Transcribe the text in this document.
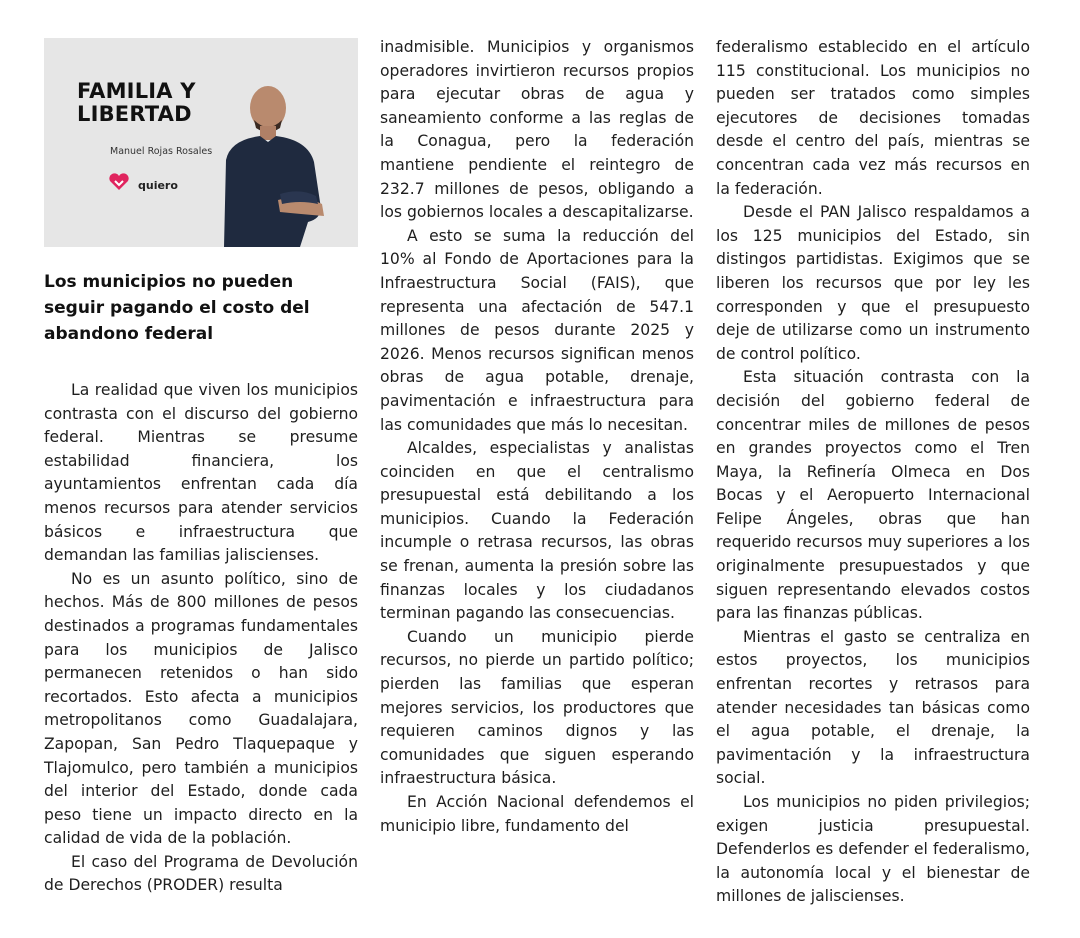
FAMILIA Y
LIBERTAD
Manuel Rojas Rosales
quiero
Los municipios no pueden seguir pagando el costo del abandono federal

La realidad que viven los municipios contrasta con el discurso del gobierno federal. Mientras se presume estabilidad financiera, los ayuntamientos enfrentan cada día menos recursos para atender servicios básicos e infraestructura que demandan las familias jaliscienses.

No es un asunto político, sino de hechos. Más de 800 millones de pesos destinados a programas fundamentales para los municipios de Jalisco permanecen retenidos o han sido recortados. Esto afecta a municipios metropolitanos como Guadalajara, Zapopan, San Pedro Tlaquepaque y Tlajomulco, pero también a municipios del interior del Estado, donde cada peso tiene un impacto directo en la calidad de vida de la población.

El caso del Programa de Devolución de Derechos (PRODER) resulta

inadmisible. Municipios y organismos operadores invirtieron recursos propios para ejecutar obras de agua y saneamiento conforme a las reglas de la Conagua, pero la federación mantiene pendiente el reintegro de 232.7 millones de pesos, obligando a los gobiernos locales a descapitalizarse.

A esto se suma la reducción del 10% al Fondo de Aportaciones para la Infraestructura Social (FAIS), que representa una afectación de 547.1 millones de pesos durante 2025 y 2026. Menos recursos significan menos obras de agua potable, drenaje, pavimentación e infraestructura para las comunidades que más lo necesitan.

Alcaldes, especialistas y analistas coinciden en que el centralismo presupuestal está debilitando a los municipios. Cuando la Federación incumple o retrasa recursos, las obras se frenan, aumenta la presión sobre las finanzas locales y los ciudadanos terminan pagando las consecuencias.

Cuando un municipio pierde recursos, no pierde un partido político; pierden las familias que esperan mejores servicios, los productores que requieren caminos dignos y las comunidades que siguen esperando infraestructura básica.

En Acción Nacional defendemos el municipio libre, fundamento del

federalismo establecido en el artículo 115 constitucional. Los municipios no pueden ser tratados como simples ejecutores de decisiones tomadas desde el centro del país, mientras se concentran cada vez más recursos en la federación.

Desde el PAN Jalisco respaldamos a los 125 municipios del Estado, sin distingos partidistas. Exigimos que se liberen los recursos que por ley les corresponden y que el presupuesto deje de utilizarse como un instrumento de control político.

Esta situación contrasta con la decisión del gobierno federal de concentrar miles de millones de pesos en grandes proyectos como el Tren Maya, la Refinería Olmeca en Dos Bocas y el Aeropuerto Internacional Felipe Ángeles, obras que han requerido recursos muy superiores a los originalmente presupuestados y que siguen representando elevados costos para las finanzas públicas.

Mientras el gasto se centraliza en estos proyectos, los municipios enfrentan recortes y retrasos para atender necesidades tan básicas como el agua potable, el drenaje, la pavimentación y la infraestructura social.

Los municipios no piden privilegios; exigen justicia presupuestal. Defenderlos es defender el federalismo, la autonomía local y el bienestar de millones de jaliscienses.
